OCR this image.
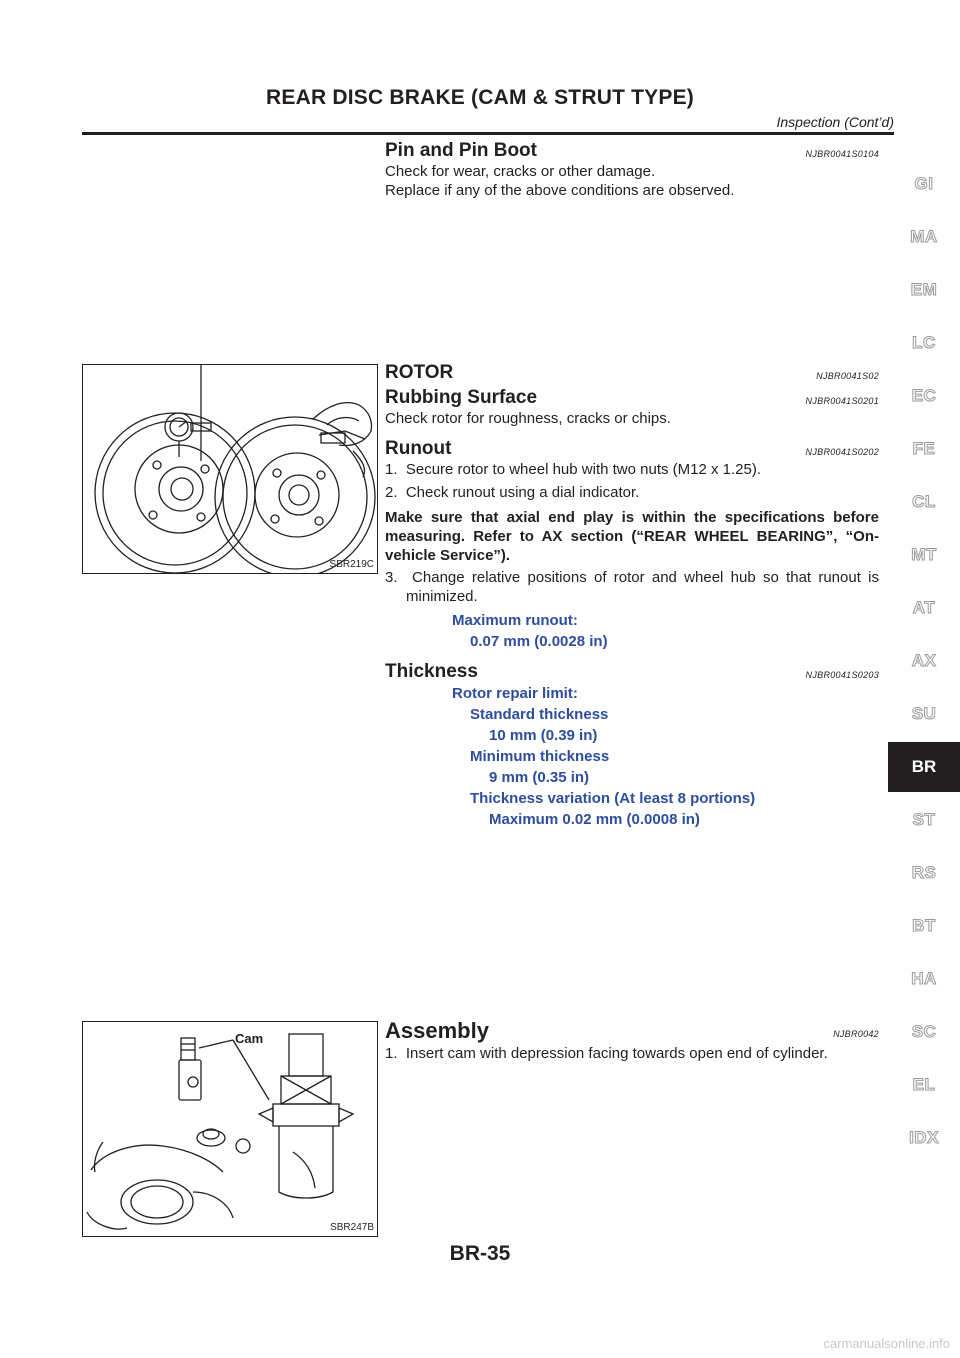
REAR DISC BRAKE (CAM & STRUT TYPE)
Inspection (Cont’d)
Pin and Pin Boot	NJBR0041S0104

Check for wear, cracks or other damage.

Replace if any of the above conditions are observed.

SBR219C
ROTOR	NJBR0041S02
Rubbing Surface	NJBR0041S0201

Check rotor for roughness, cracks or chips.

Runout	NJBR0041S0202

1.  Secure rotor to wheel hub with two nuts (M12 x 1.25).

2.  Check runout using a dial indicator.

Make sure that axial end play is within the specifications before measuring. Refer to AX section (“REAR WHEEL BEARING”, “On-vehicle Service”).

3.  Change relative positions of rotor and wheel hub so that runout is minimized.

Maximum runout:
0.07 mm (0.0028 in)
Thickness	NJBR0041S0203
Rotor repair limit:
Standard thickness
10 mm (0.39 in)
Minimum thickness
9 mm (0.35 in)
Thickness variation (At least 8 portions)
Maximum 0.02 mm (0.0008 in)
Cam
SBR247B
Assembly	NJBR0042

1.  Insert cam with depression facing towards open end of cylinder.

GI
MA
EM
LC
EC
FE
CL
MT
AT
AX
SU
BR
ST
RS
BT
HA
SC
EL
IDX
BR-35
carmanualsonline.info
